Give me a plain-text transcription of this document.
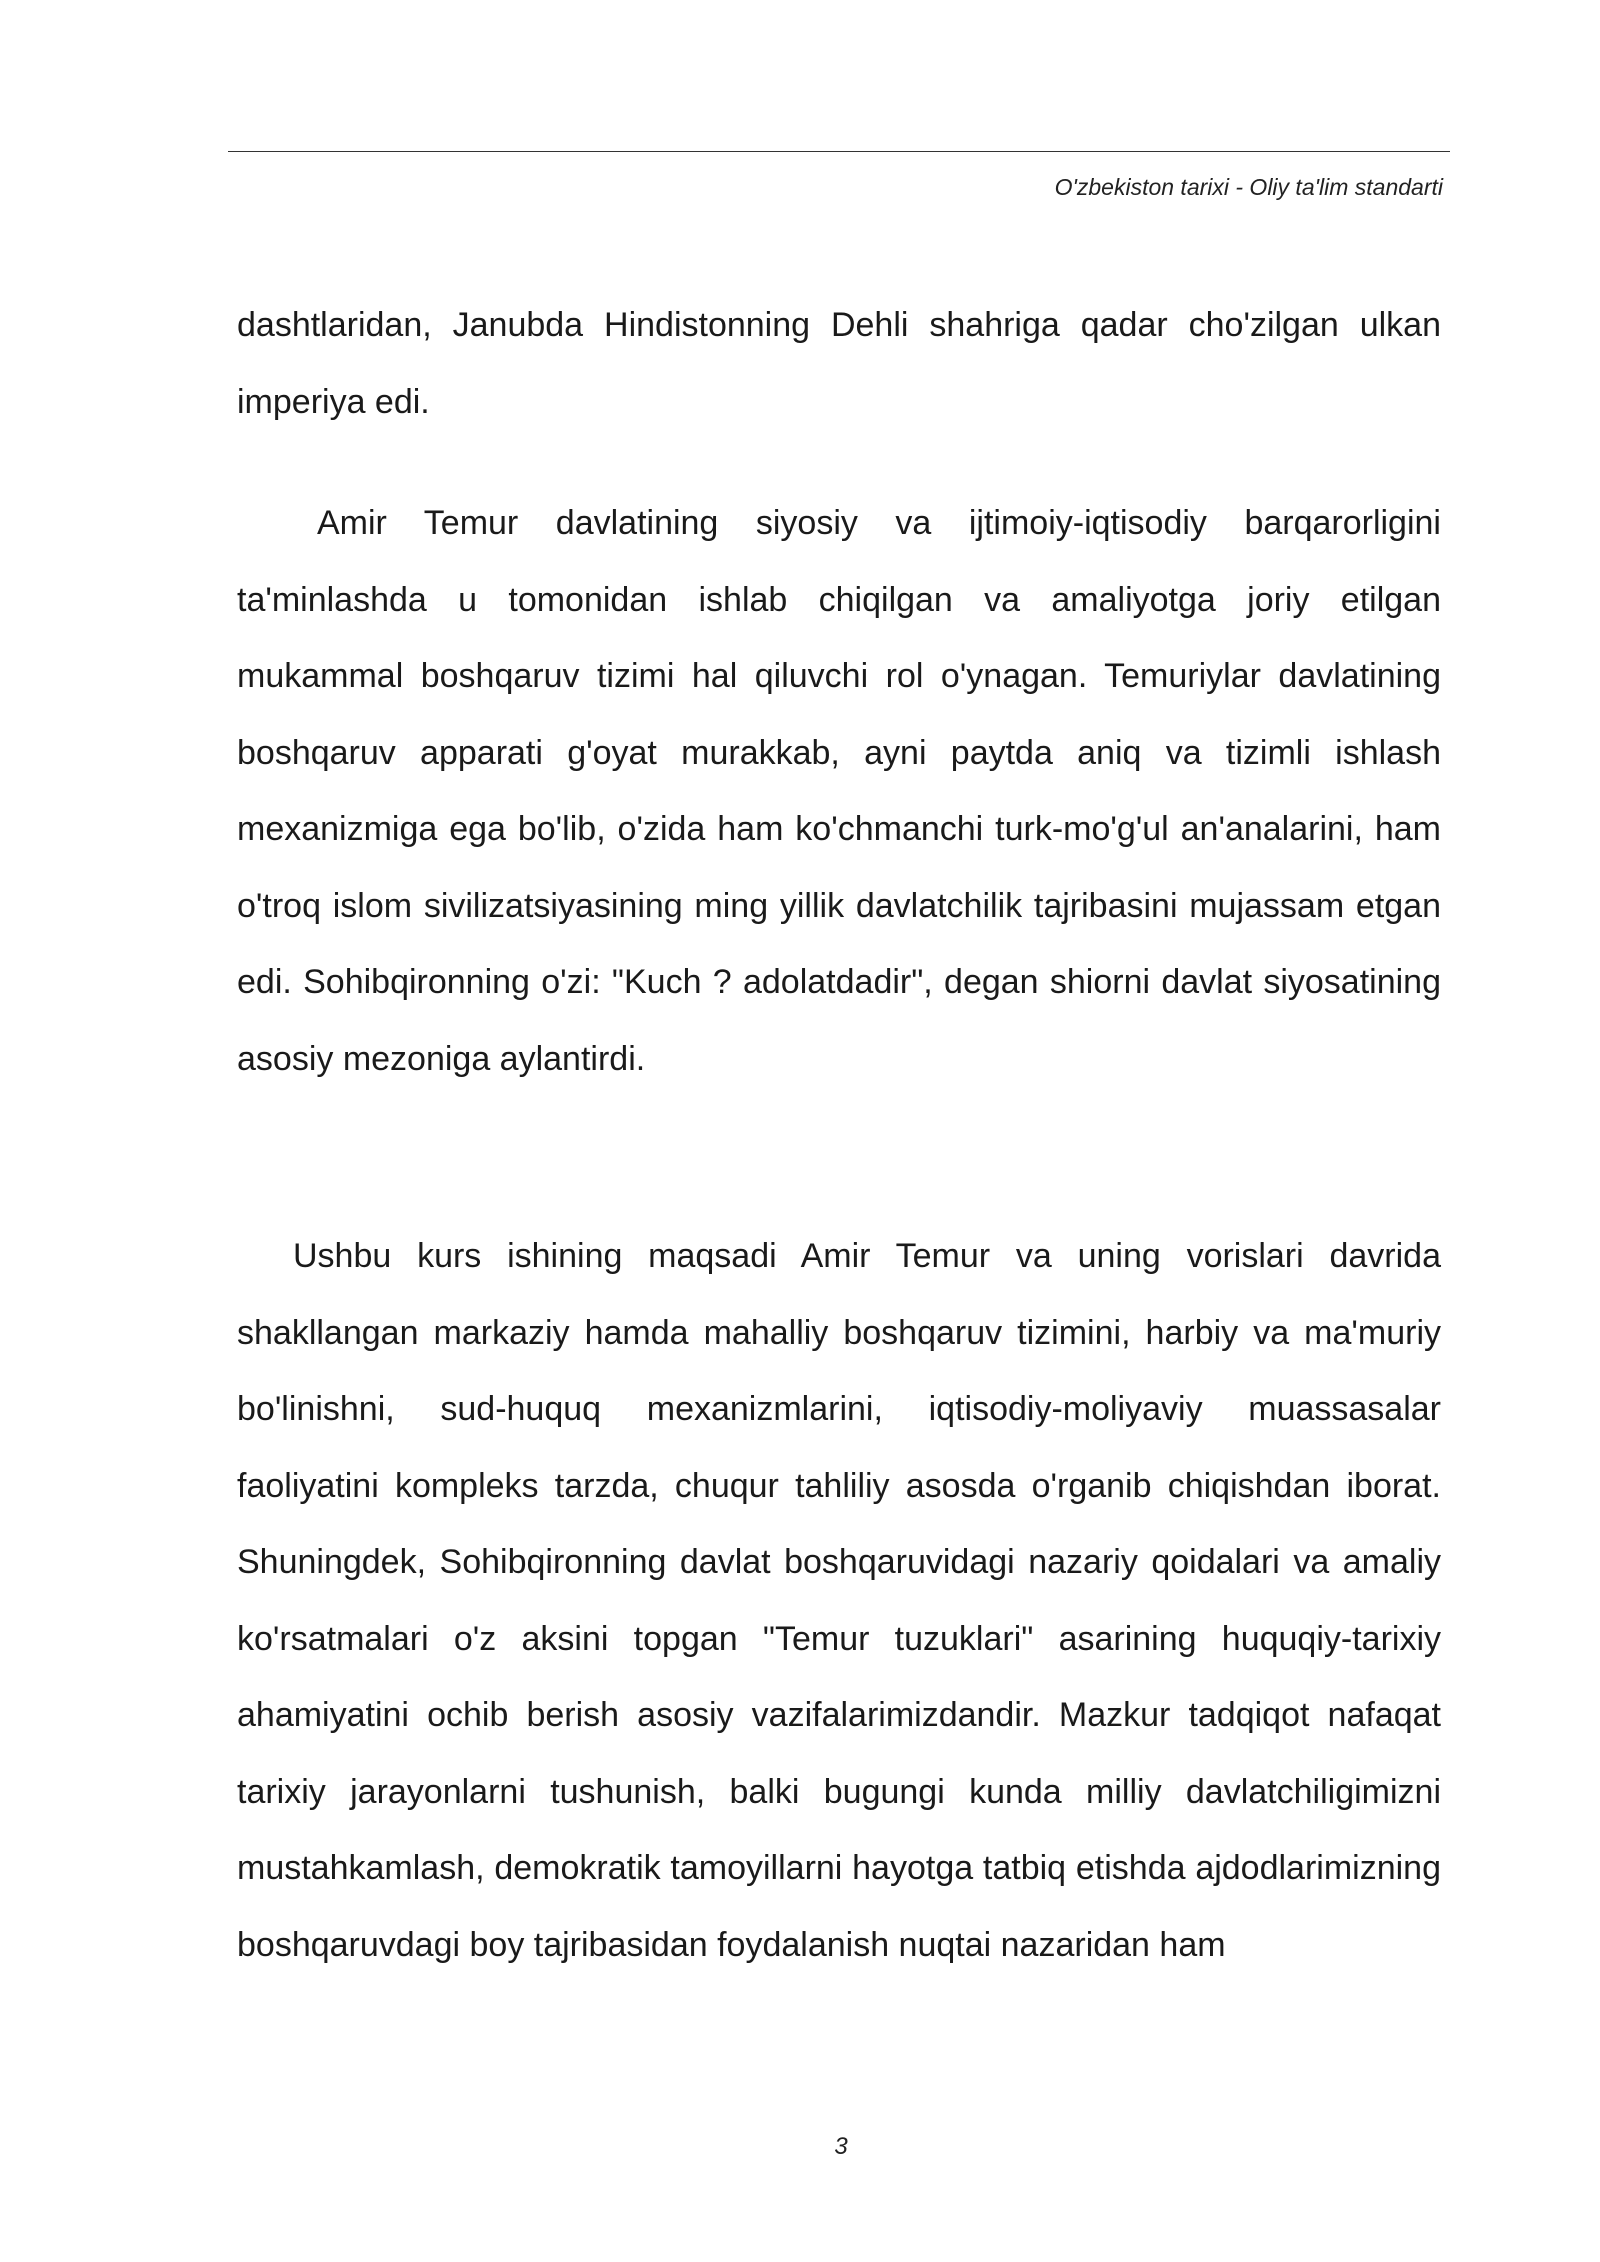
O'zbekiston tarixi - Oliy ta'lim standarti

dashtlaridan, Janubda Hindistonning Dehli shahriga qadar cho'zilgan ulkan imperiya edi.

Amir Temur davlatining siyosiy va ijtimoiy-iqtisodiy barqarorligini ta'minlashda u tomonidan ishlab chiqilgan va amaliyotga joriy etilgan mukammal boshqaruv tizimi hal qiluvchi rol o'ynagan. Temuriylar davlatining boshqaruv apparati g'oyat murakkab, ayni paytda aniq va tizimli ishlash mexanizmiga ega bo'lib, o'zida ham ko'chmanchi turk-mo'g'ul an'analarini, ham o'troq islom sivilizatsiyasining ming yillik davlatchilik tajribasini mujassam etgan edi. Sohibqironning o'zi: "Kuch ? adolatdadir", degan shiorni davlat siyosatining asosiy mezoniga aylantirdi.

Ushbu kurs ishining maqsadi Amir Temur va uning vorislari davrida shakllangan markaziy hamda mahalliy boshqaruv tizimini, harbiy va ma'muriy bo'linishni, sud-huquq mexanizmlarini, iqtisodiy-moliyaviy muassasalar faoliyatini kompleks tarzda, chuqur tahliliy asosda o'rganib chiqishdan iborat. Shuningdek, Sohibqironning davlat boshqaruvidagi nazariy qoidalari va amaliy ko'rsatmalari o'z aksini topgan "Temur tuzuklari" asarining huquqiy-tarixiy ahamiyatini ochib berish asosiy vazifalarimizdandir. Mazkur tadqiqot nafaqat tarixiy jarayonlarni tushunish, balki bugungi kunda milliy davlatchiligimizni mustahkamlash, demokratik tamoyillarni hayotga tatbiq etishda ajdodlarimizning boshqaruvdagi boy tajribasidan foydalanish nuqtai nazaridan ham

3
